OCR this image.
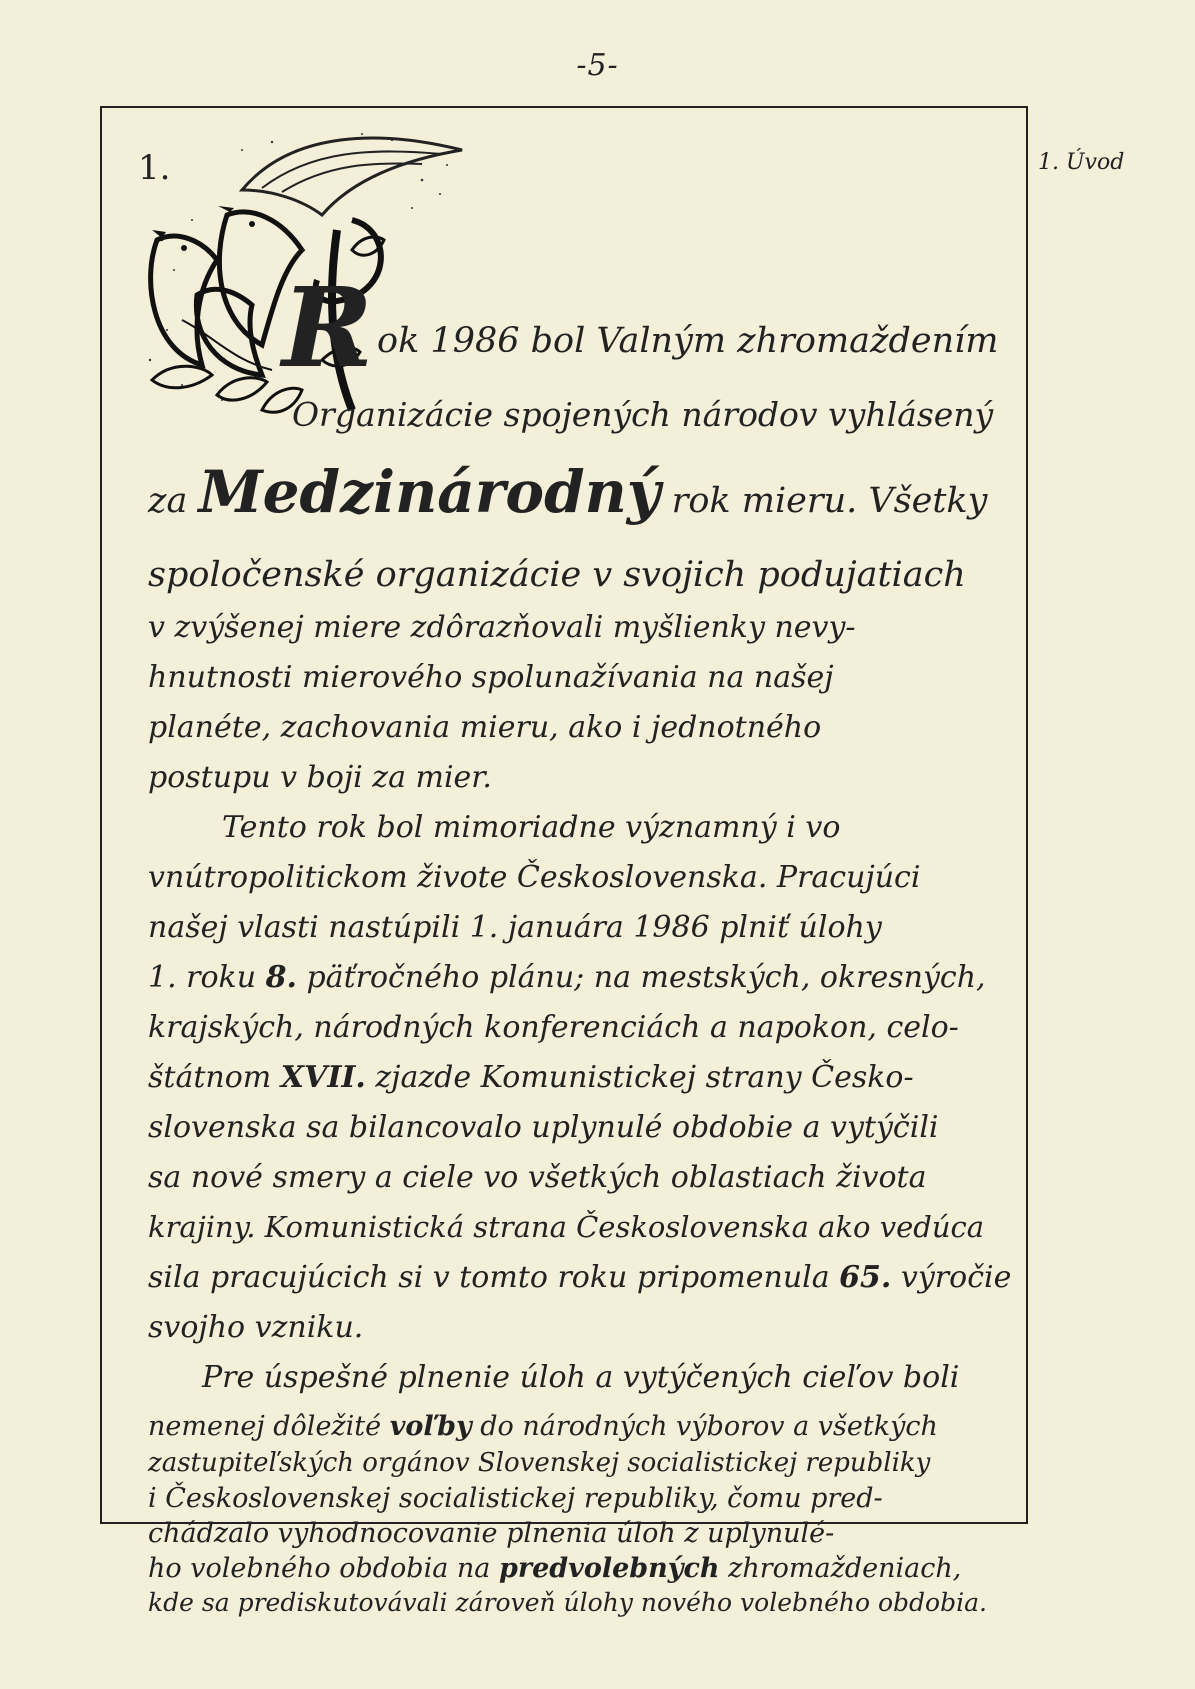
-5-
1. Úvod
1.
Rok 1986 bol Valným zhromaždením
Organizácie spojených národov vyhlásený
za Medzinárodný rok mieru. Všetky
spoločenské organizácie v svojich podujatiach
v zvýšenej miere zdôrazňovali myšlienky nevy-
hnutnosti mierového spolunažívania na našej
planéte, zachovania mieru, ako i jednotného
postupu v boji za mier.
Tento rok bol mimoriadne významný i vo
vnútropolitickom živote Československa. Pracujúci
našej vlasti nastúpili 1. januára 1986 plniť úlohy
1. roku 8. päťročného plánu; na mestských, okresných,
krajských, národných konferenciách a napokon, celo-
štátnom XVII. zjazde Komunistickej strany Česko-
slovenska sa bilancovalo uplynulé obdobie a vytýčili
sa nové smery a ciele vo všetkých oblastiach života
krajiny. Komunistická strana Československa ako vedúca
sila pracujúcich si v tomto roku pripomenula 65. výročie
svojho vzniku.
Pre úspešné plnenie úloh a vytýčených cieľov boli
nemenej dôležité voľby do národných výborov a všetkých
zastupiteľských orgánov Slovenskej socialistickej republiky
i Československej socialistickej republiky, čomu pred-
chádzalo vyhodnocovanie plnenia úloh z uplynulé-
ho volebného obdobia na predvolebných zhromaždeniach,
kde sa prediskutovávali zároveň úlohy nového volebného obdobia.
